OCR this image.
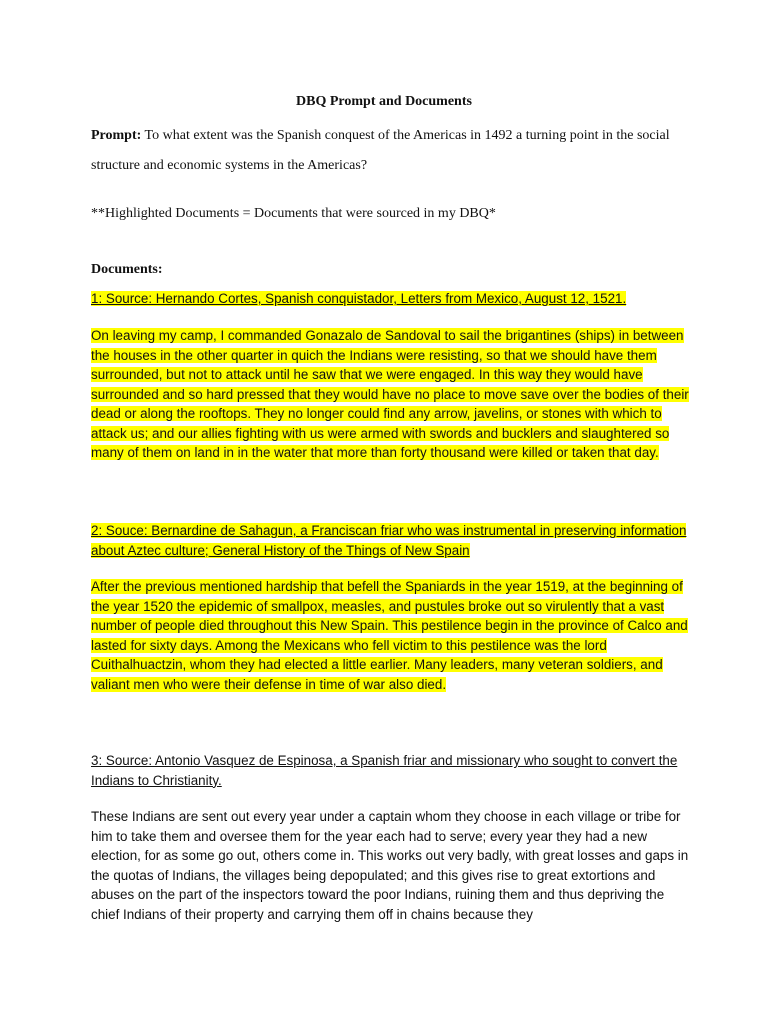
DBQ Prompt and Documents
Prompt: To what extent was the Spanish conquest of the Americas in 1492 a turning point in the social structure and economic systems in the Americas?
**Highlighted Documents = Documents that were sourced in my DBQ*
Documents:
1: Source: Hernando Cortes, Spanish conquistador, Letters from Mexico, August 12, 1521.
On leaving my camp, I commanded Gonazalo de Sandoval to sail the brigantines (ships) in between the houses in the other quarter in quich the Indians were resisting, so that we should have them surrounded, but not to attack until he saw that we were engaged. In this way they would have surrounded and so hard pressed that they would have no place to move save over the bodies of their dead or along the rooftops. They no longer could find any arrow, javelins, or stones with which to attack us; and our allies fighting with us were armed with swords and bucklers and slaughtered so many of them on land in in the water that more than forty thousand were killed or taken that day.
2: Souce: Bernardine de Sahagun, a Franciscan friar who was instrumental in preserving information about Aztec culture; General History of the Things of New Spain
After the previous mentioned hardship that befell the Spaniards in the year 1519, at the beginning of the year 1520 the epidemic of smallpox, measles, and pustules broke out so virulently that a vast number of people died throughout this New Spain. This pestilence begin in the province of Calco and lasted for sixty days. Among the Mexicans who fell victim to this pestilence was the lord Cuithalhuactzin, whom they had elected a little earlier. Many leaders, many veteran soldiers, and valiant men who were their defense in time of war also died.
3: Source: Antonio Vasquez de Espinosa, a Spanish friar and missionary who sought to convert the Indians to Christianity.
These Indians are sent out every year under a captain whom they choose in each village or tribe for him to take them and oversee them for the year each had to serve; every year they had a new election, for as some go out, others come in. This works out very badly, with great losses and gaps in the quotas of Indians, the villages being depopulated; and this gives rise to great extortions and abuses on the part of the inspectors toward the poor Indians, ruining them and thus depriving the chief Indians of their property and carrying them off in chains because they
